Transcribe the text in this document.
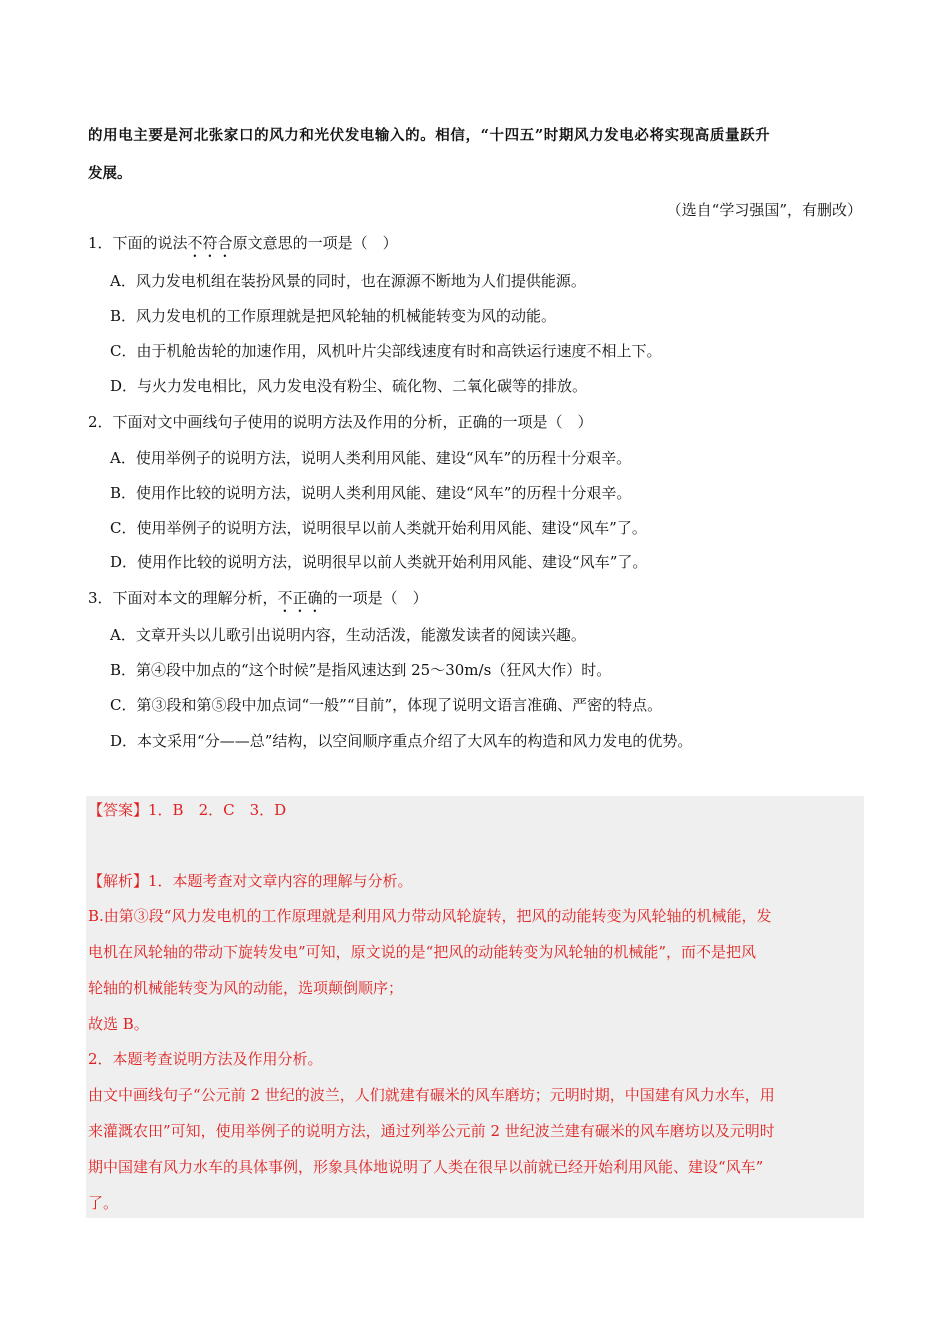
的用电主要是河北张家口的风力和光伏发电输入的。相信，“十四五”时期风力发电必将实现高质量跃升
发展。
（选自“学习强国”，有删改）
1．下面的说法不符合原文意思的一项是（　）
A．风力发电机组在装扮风景的同时，也在源源不断地为人们提供能源。
B．风力发电机的工作原理就是把风轮轴的机械能转变为风的动能。
C．由于机舱齿轮的加速作用，风机叶片尖部线速度有时和高铁运行速度不相上下。
D．与火力发电相比，风力发电没有粉尘、硫化物、二氧化碳等的排放。
2．下面对文中画线句子使用的说明方法及作用的分析，正确的一项是（　）
A．使用举例子的说明方法，说明人类利用风能、建设“风车”的历程十分艰辛。
B．使用作比较的说明方法，说明人类利用风能、建设“风车”的历程十分艰辛。
C．使用举例子的说明方法，说明很早以前人类就开始利用风能、建设“风车”了。
D．使用作比较的说明方法，说明很早以前人类就开始利用风能、建设“风车”了。
3．下面对本文的理解分析，不正确的一项是（　）
A．文章开头以儿歌引出说明内容，生动活泼，能激发读者的阅读兴趣。
B．第④段中加点的“这个时候”是指风速达到 25～30m/s（狂风大作）时。
C．第③段和第⑤段中加点词“一般”“目前”，体现了说明文语言准确、严密的特点。
D．本文采用“分——总”结构，以空间顺序重点介绍了大风车的构造和风力发电的优势。
【答案】1．B　2．C　3．D
【解析】1．本题考查对文章内容的理解与分析。
B.由第③段“风力发电机的工作原理就是利用风力带动风轮旋转，把风的动能转变为风轮轴的机械能，发
电机在风轮轴的带动下旋转发电”可知，原文说的是“把风的动能转变为风轮轴的机械能”，而不是把风
轮轴的机械能转变为风的动能，选项颠倒顺序；
故选 B。
2．本题考查说明方法及作用分析。
由文中画线句子“公元前 2 世纪的波兰，人们就建有碾米的风车磨坊；元明时期，中国建有风力水车，用
来灌溉农田”可知，使用举例子的说明方法，通过列举公元前 2 世纪波兰建有碾米的风车磨坊以及元明时
期中国建有风力水车的具体事例，形象具体地说明了人类在很早以前就已经开始利用风能、建设“风车”
了。
